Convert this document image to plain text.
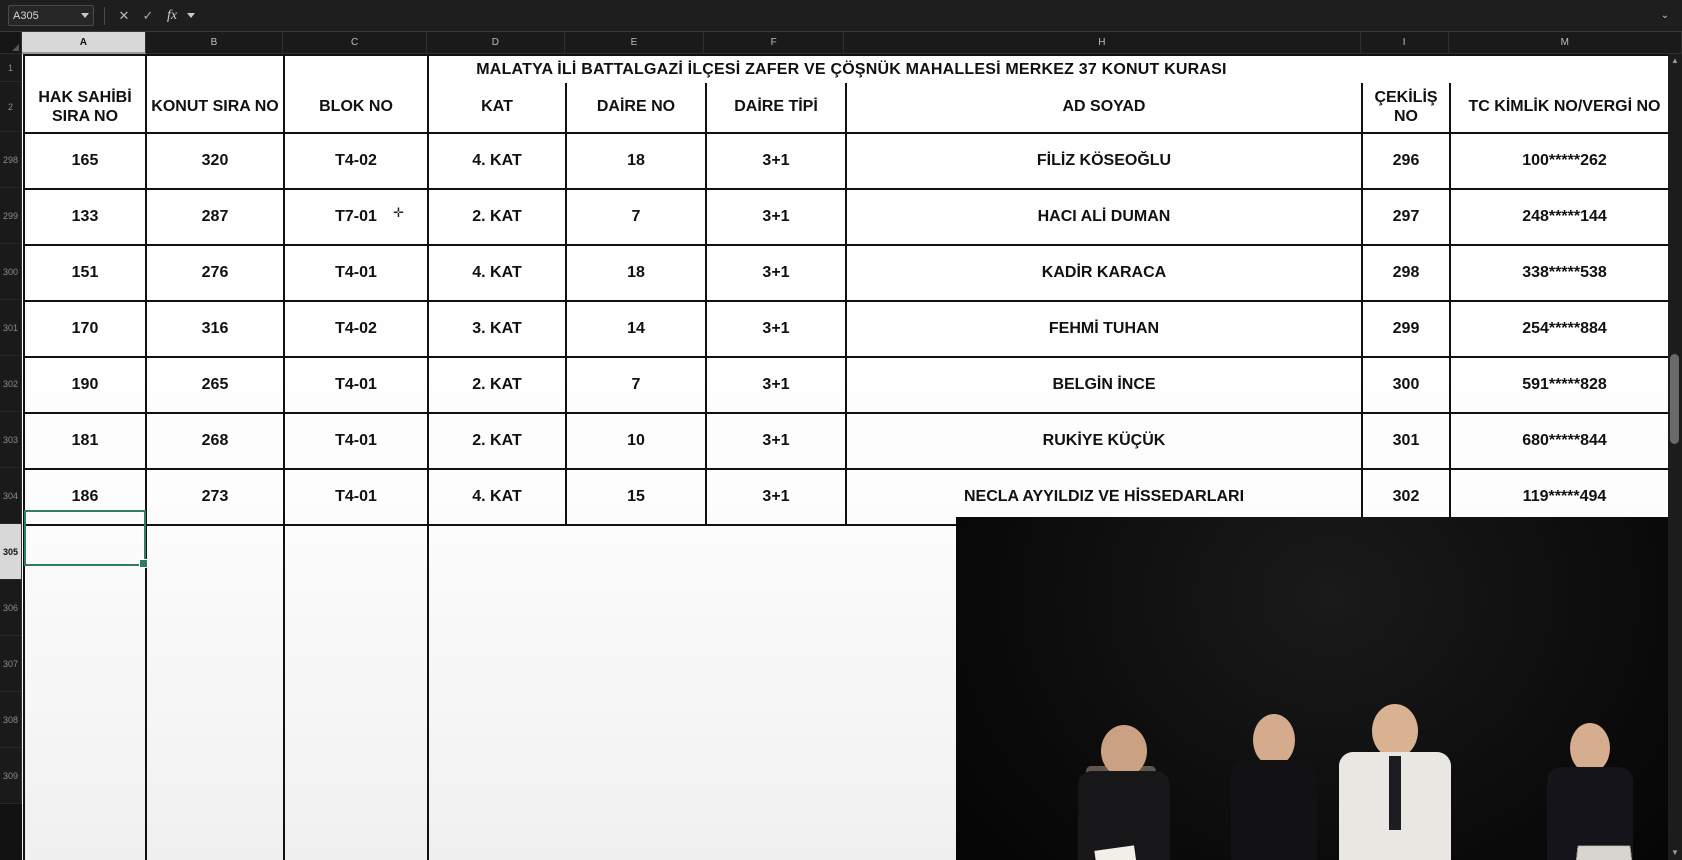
A305	✕ ✓ fx	⌄
A	B	C	D	E	F	H	I	M
1
2
298
299
300
301
302
303
304
305
306
307
308
309
MALATYA İLİ BATTALGAZİ İLÇESİ ZAFER VE ÇÖŞNÜK MAHALLESİ MERKEZ 37 KONUT KURASI								
HAK SAHİBİ SIRA NO	KONUT SIRA NO	BLOK NO	KAT	DAİRE NO	DAİRE TİPİ	AD SOYAD	ÇEKİLİŞ NO	TC KİMLİK NO/VERGİ NO
165	320	T4-02	4. KAT	18	3+1	FİLİZ KÖSEOĞLU	296	100*****262
133	287	T7-01	2. KAT	7	3+1	HACI ALİ DUMAN	297	248*****144
151	276	T4-01	4. KAT	18	3+1	KADİR KARACA	298	338*****538
170	316	T4-02	3. KAT	14	3+1	FEHMİ TUHAN	299	254*****884
190	265	T4-01	2. KAT	7	3+1	BELGİN İNCE	300	591*****828
181	268	T4-01	2. KAT	10	3+1	RUKİYE KÜÇÜK	301	680*****844
186	273	T4-01	4. KAT	15	3+1	NECLA AYYILDIZ VE HİSSEDARLARI	302	119*****494
✛
▲
▼
